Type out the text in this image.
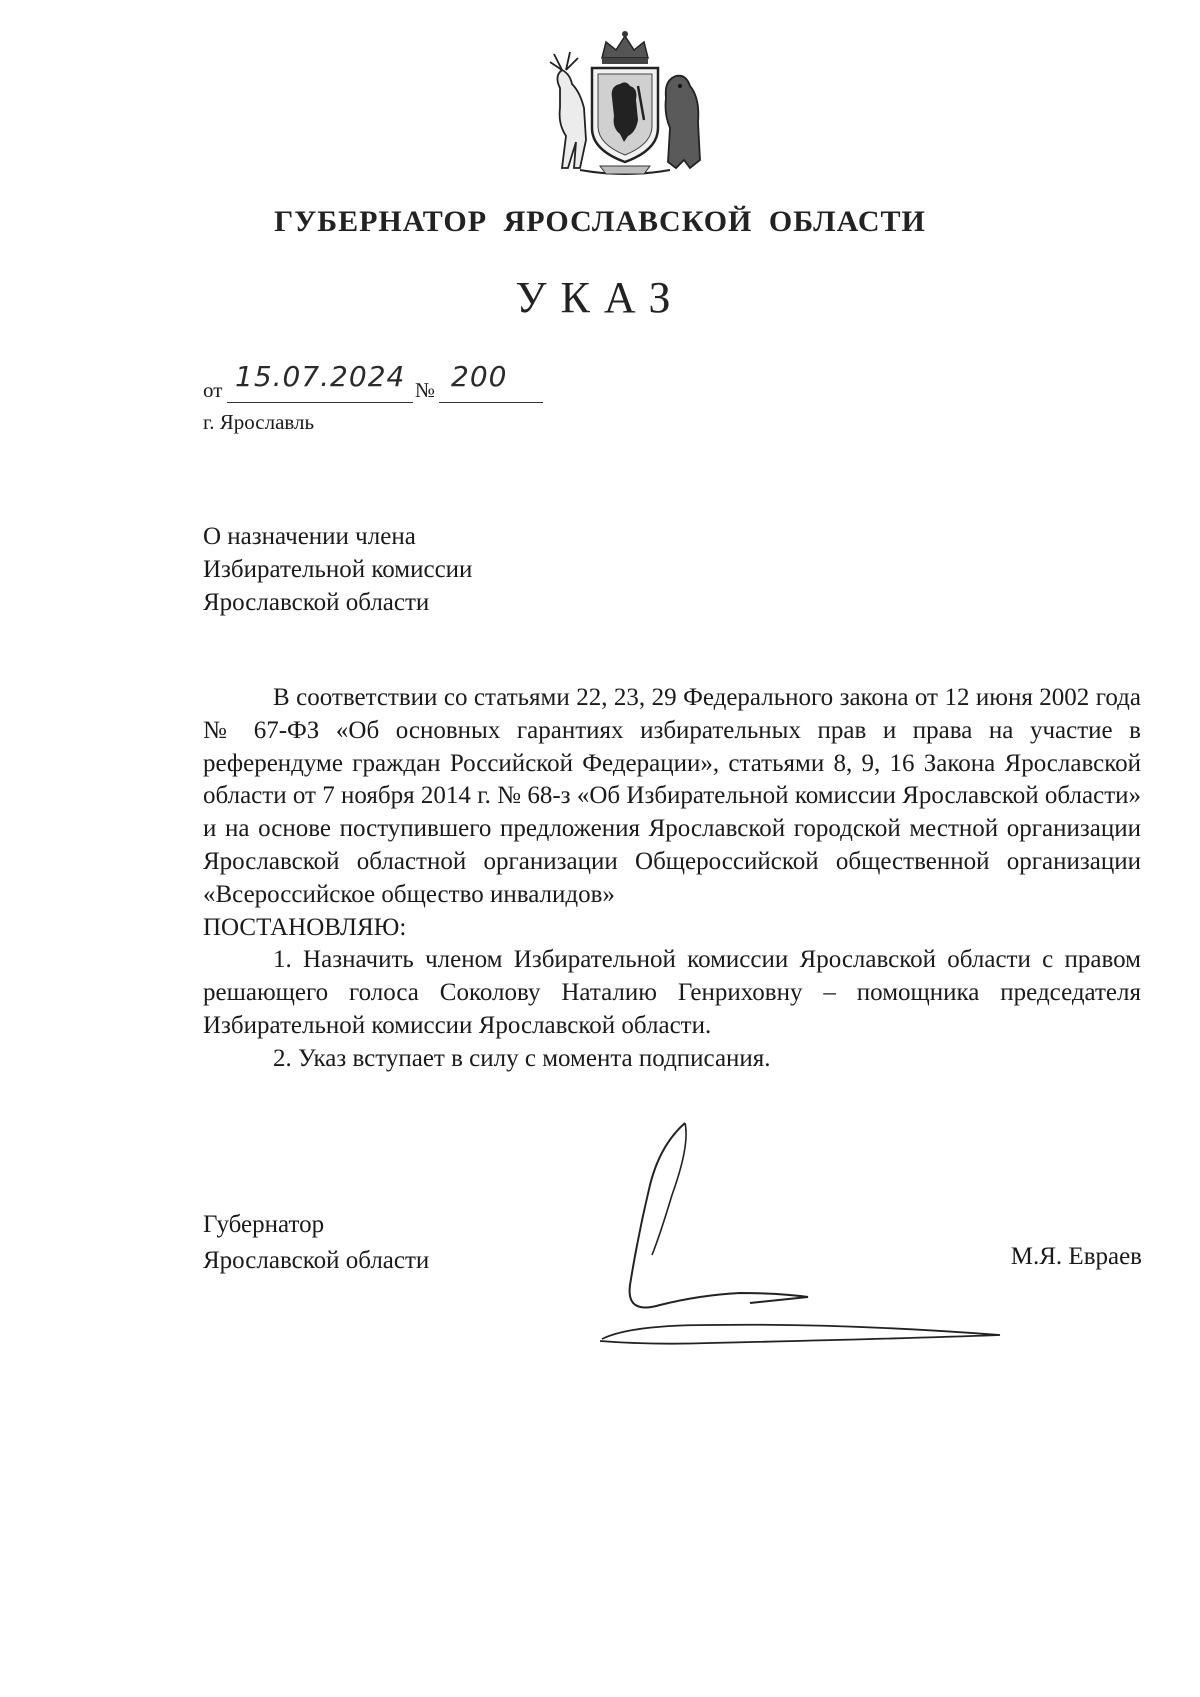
ГУБЕРНАТОР ЯРОСЛАВСКОЙ ОБЛАСТИ
УКАЗ
от 15.07.2024 № 200
г. Ярославль
О назначении члена
Избирательной комиссии
Ярославской области

В соответствии со статьями 22, 23, 29 Федерального закона от 12 июня 2002 года № 67-ФЗ «Об основных гарантиях избирательных прав и права на участие в референдуме граждан Российской Федерации», статьями 8, 9, 16 Закона Ярославской области от 7 ноября 2014 г. № 68-з «Об Избирательной комиссии Ярославской области» и на основе поступившего предложения Ярославской городской местной организации Ярославской областной организации Общероссийской общественной организации «Всероссийское общество инвалидов»

ПОСТАНОВЛЯЮ:

1. Назначить членом Избирательной комиссии Ярославской области с правом решающего голоса Соколову Наталию Генриховну – помощника председателя Избирательной комиссии Ярославской области.

2. Указ вступает в силу с момента подписания.

Губернатор
Ярославской области	М.Я. Евраев
